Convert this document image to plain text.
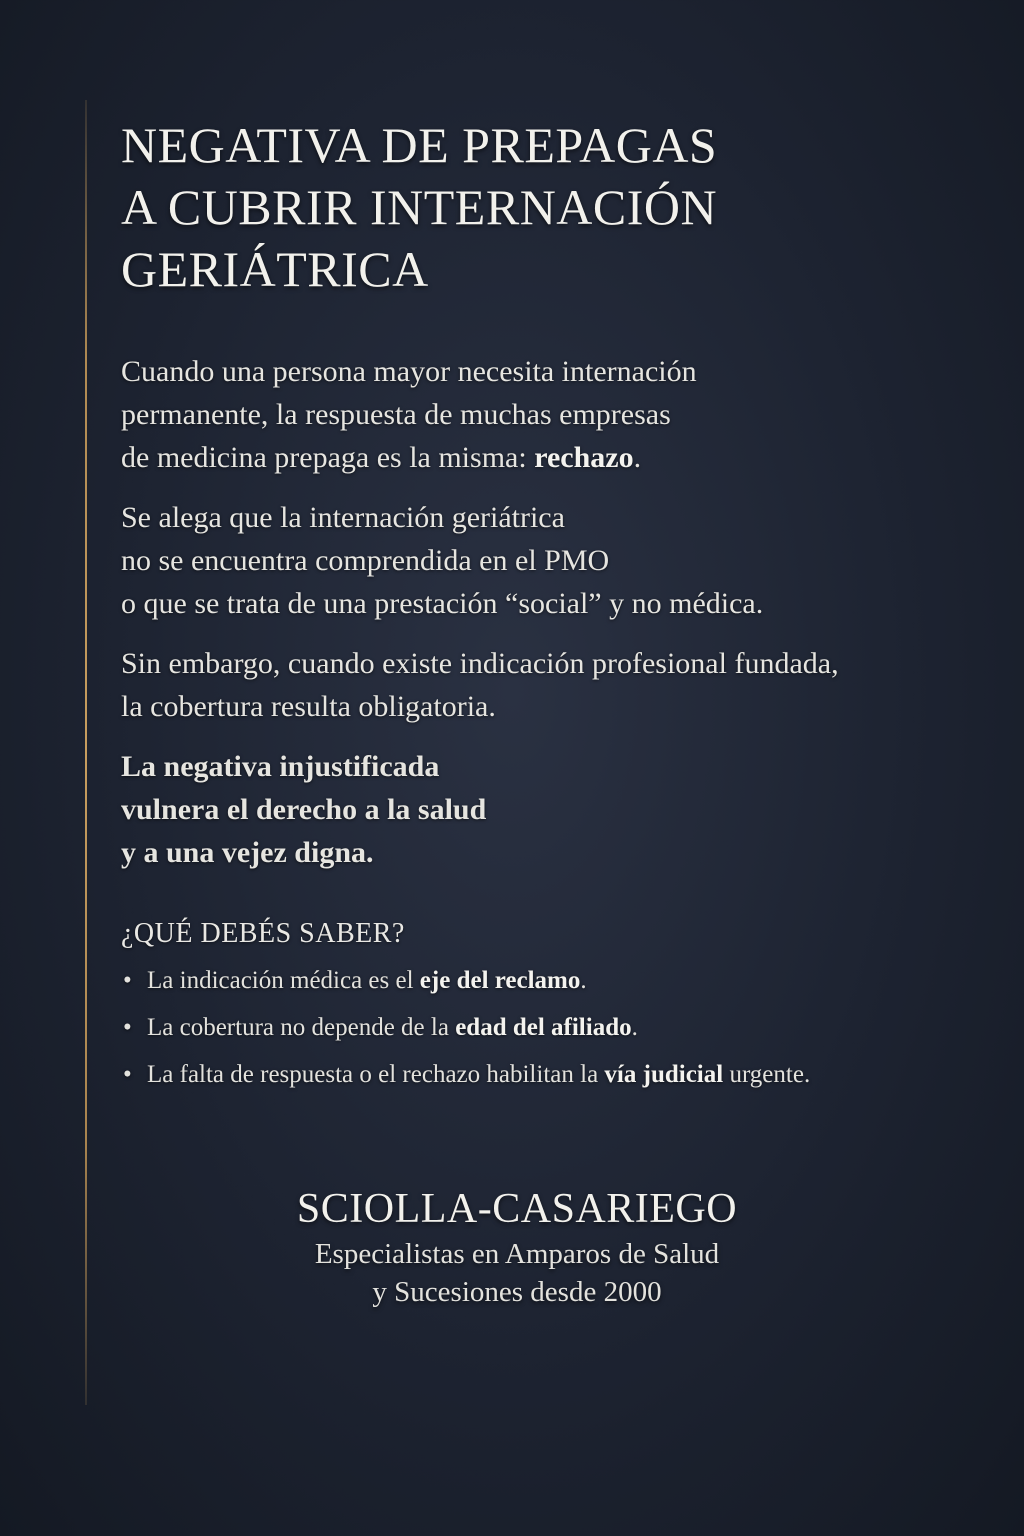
NEGATIVA DE PREPAGAS
A CUBRIR INTERNACIÓN
GERIÁTRICA

Cuando una persona mayor necesita internación
permanente, la respuesta de muchas empresas
de medicina prepaga es la misma: rechazo.

Se alega que la internación geriátrica
no se encuentra comprendida en el PMO
o que se trata de una prestación “social” y no médica.

Sin embargo, cuando existe indicación profesional fundada,
la cobertura resulta obligatoria.

La negativa injustificada
vulnera el derecho a la salud
y a una vejez digna.

¿QUÉ DEBÉS SABER?
• La indicación médica es el eje del reclamo.
• La cobertura no depende de la edad del afiliado.
• La falta de respuesta o el rechazo habilitan la vía judicial urgente.

SCIOLLA-CASARIEGO

Especialistas en Amparos de Salud
y Sucesiones desde 2000
